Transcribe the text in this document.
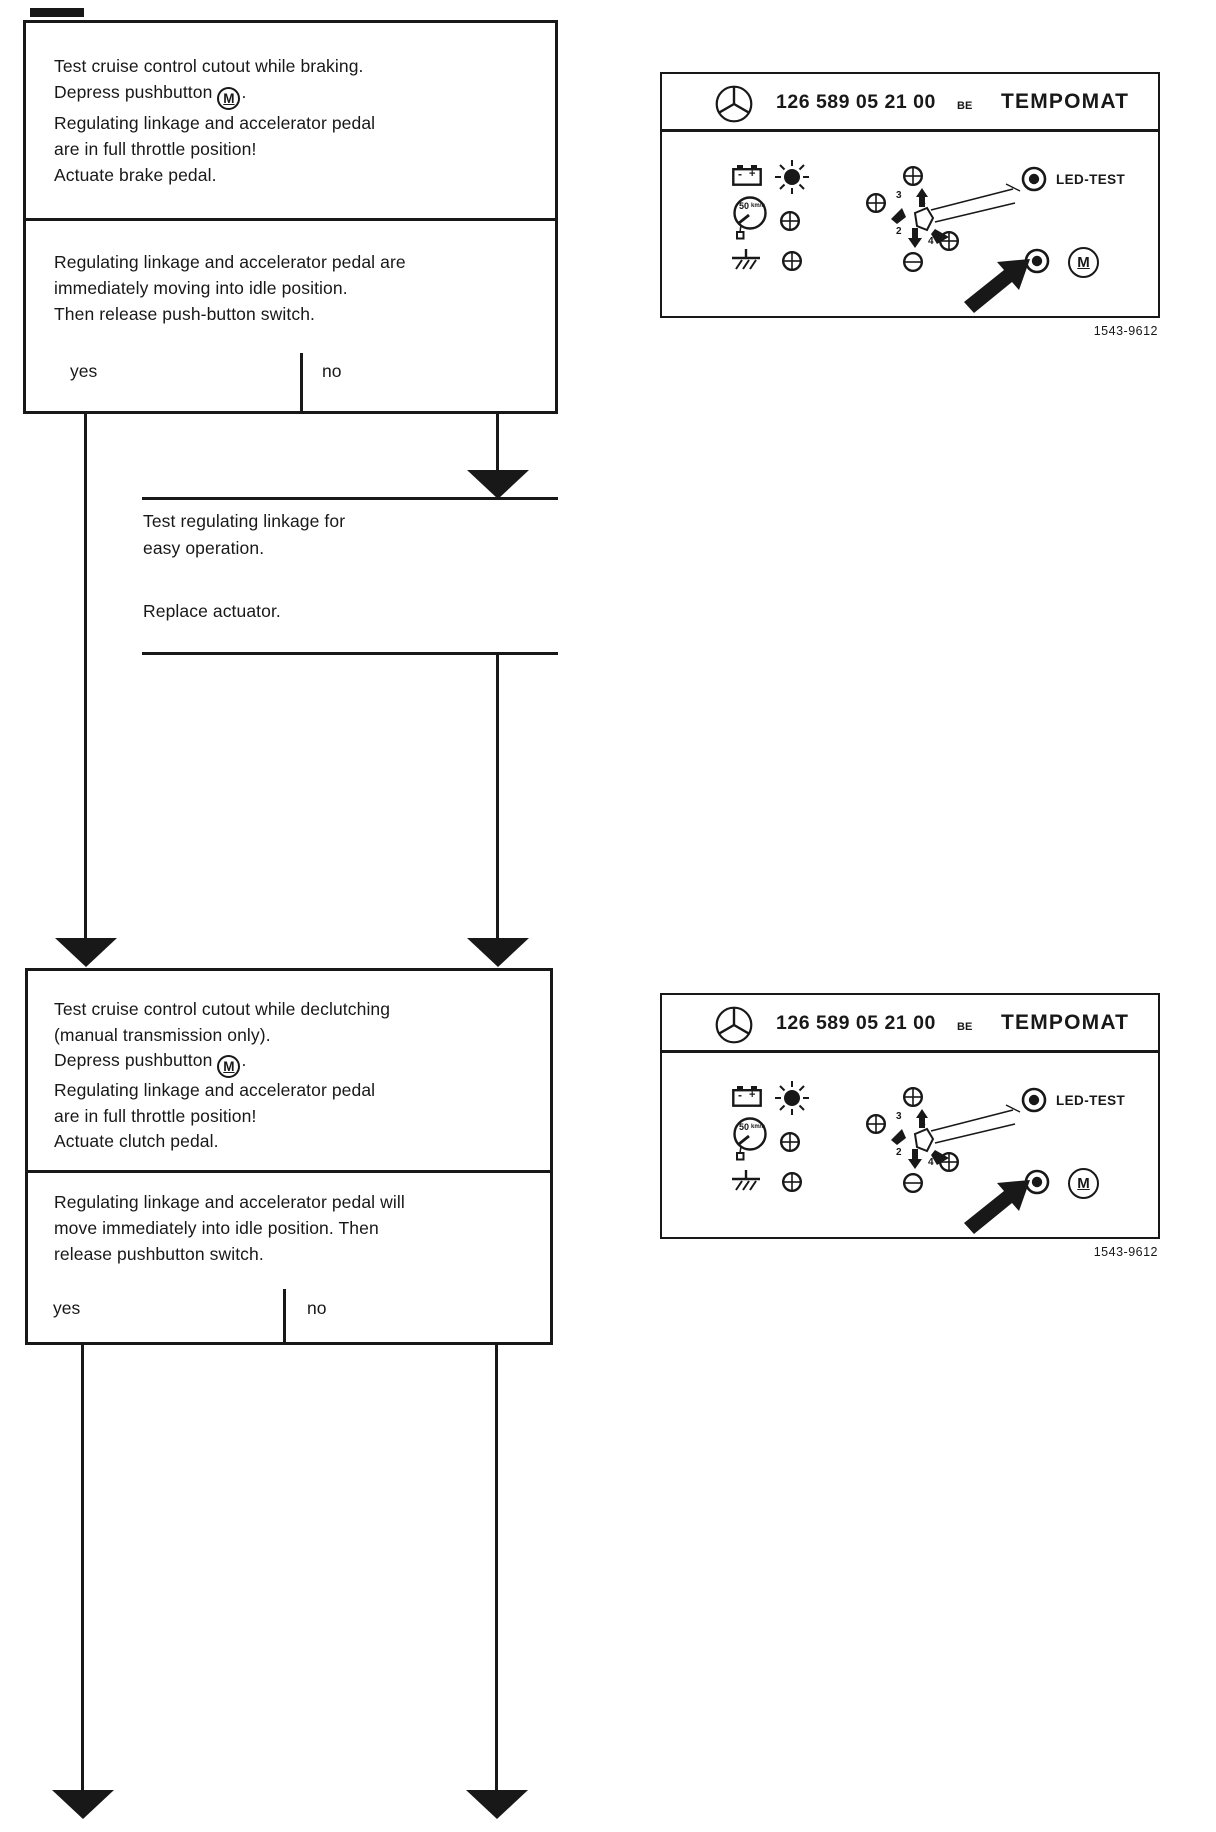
Test cruise control cutout while braking.
Depress pushbutton M .
Regulating linkage and accelerator pedal
are in full throttle position!
Actuate brake pedal.
Regulating linkage and accelerator pedal are
immediately moving into idle position.
Then release push-button switch.
yes	no
Test regulating linkage for
easy operation.
Replace actuator.
Test cruise control cutout while declutching
(manual transmission only).
Depress pushbutton M .
Regulating linkage and accelerator pedal
are in full throttle position!
Actuate clutch pedal.
Regulating linkage and accelerator pedal will
move immediately into idle position. Then
release pushbutton switch.
yes	no
126 589 05 21 00 BE TEMPOMAT
- +
50 km/h
3
1
2
4
LED-TEST
M
1543-9612
126 589 05 21 00 BE TEMPOMAT
- +
50 km/h
3
1
2
4
LED-TEST
M
1543-9612
